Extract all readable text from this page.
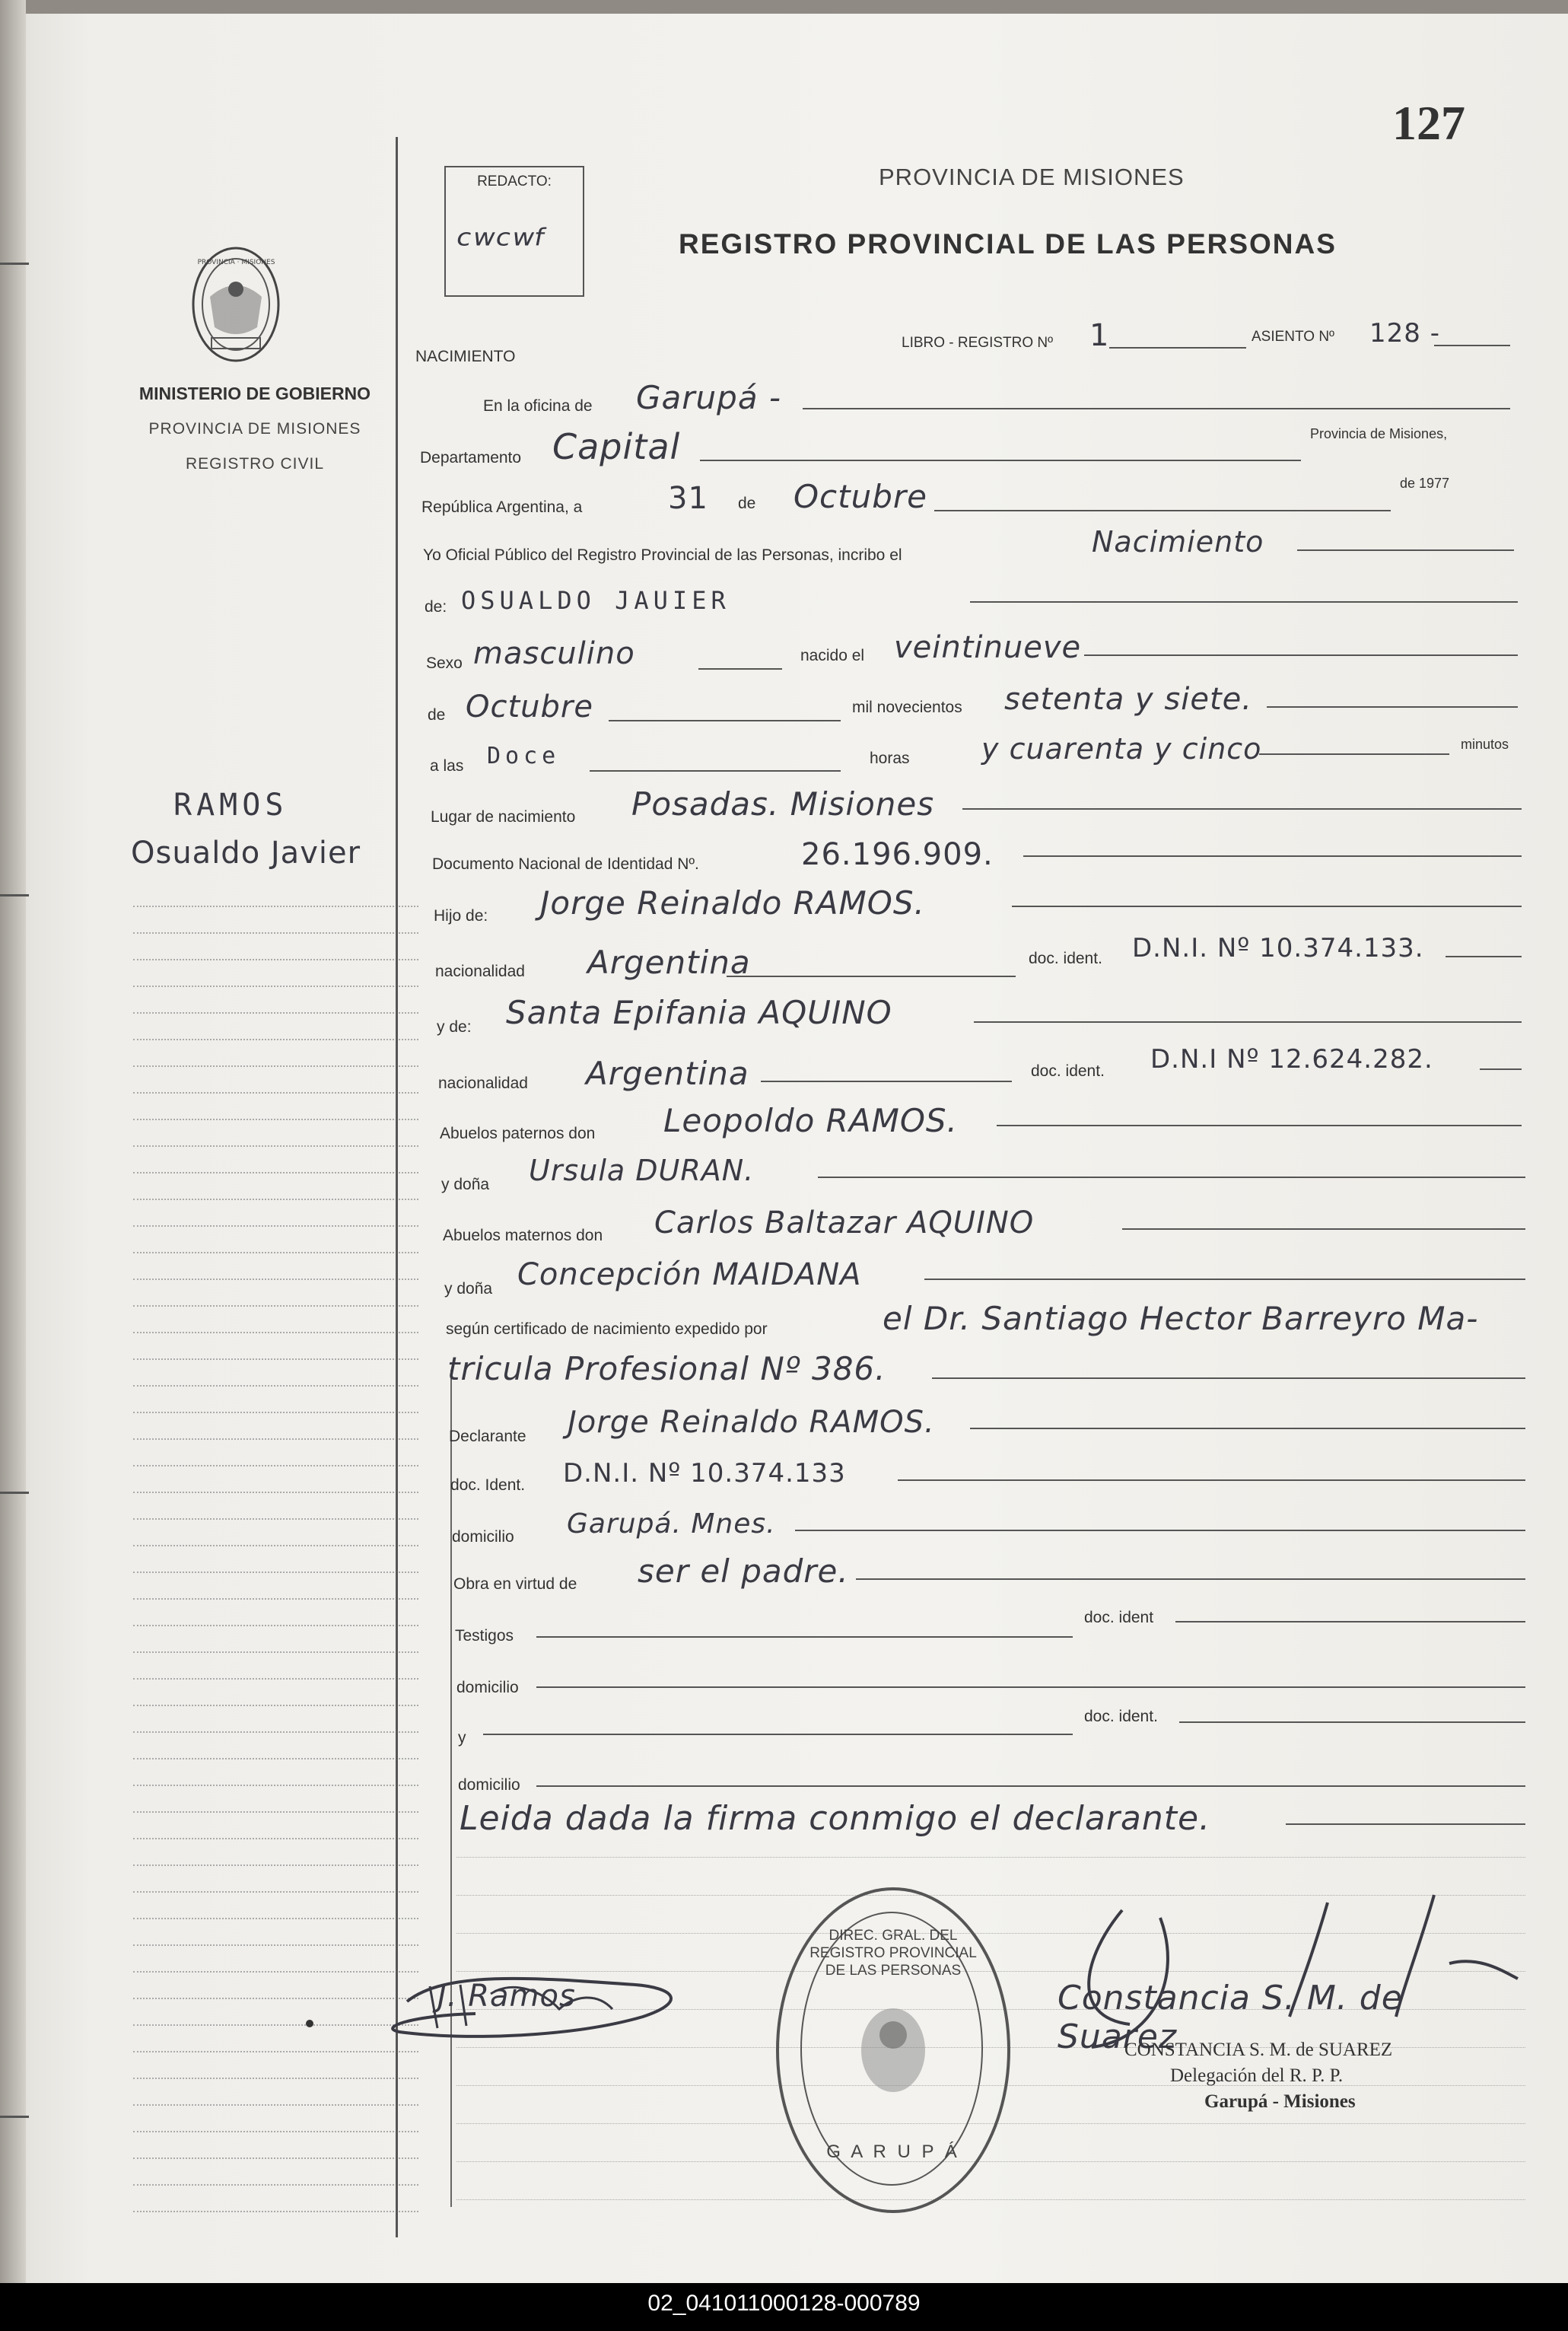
127
REDACTO:
ᶜʷᶜʷᶠ
PROVINCIA DE MISIONES
REGISTRO PROVINCIAL DE LAS PERSONAS
PROVINCIA · MISIONES
MINISTERIO DE GOBIERNO
PROVINCIA DE MISIONES
REGISTRO CIVIL
RAMOS
Osualdo Javier
NACIMIENTO
LIBRO - REGISTRO Nº 1	ASIENTO Nº 128 -
En la oficina de Garupá -
Departamento Capital	Provincia de Misiones,
República Argentina, a	31 de Octubre	de 1977
Yo Oficial Público del Registro Provincial de las Personas, incribo el	Nacimiento
de: OSUALDO JAUIER
Sexo masculino	nacido el veintinueve
de Octubre	mil novecientos setenta y siete.
a las Doce	horas y cuarenta y cinco	minutos
Lugar de nacimiento Posadas. Misiones
Documento Nacional de Identidad Nº.	26.196.909.
Hijo de: Jorge Reinaldo RAMOS.
nacionalidad Argentina	doc. ident. D.N.I. Nº 10.374.133.
y de: Santa Epifania AQUINO
nacionalidad Argentina	doc. ident. D.N.I Nº 12.624.282.
Abuelos paternos don Leopoldo RAMOS.
y doña Ursula DURAN.
Abuelos maternos don Carlos Baltazar AQUINO
y doña Concepción MAIDANA
según certificado de nacimiento expedido por	el Dr. Santiago Hector Barreyro Ma-
tricula Profesional Nº 386.
Declarante Jorge Reinaldo RAMOS.
doc. Ident. D.N.I. Nº 10.374.133
domicilio Garupá. Mnes.
Obra en virtud de ser el padre.
Testigos
doc. ident
domicilio
y
doc. ident.
domicilio
Leida dada la firma conmigo el declarante.
J. Ramos
DIREC. GRAL. DEL REGISTRO PROVINCIAL DE LAS PERSONAS
G A R U P Á
Constancia S. M. de Suarez
CONSTANCIA S. M. de SUAREZ
Delegación del R. P. P.
Garupá - Misiones
02_041011000128-000789
